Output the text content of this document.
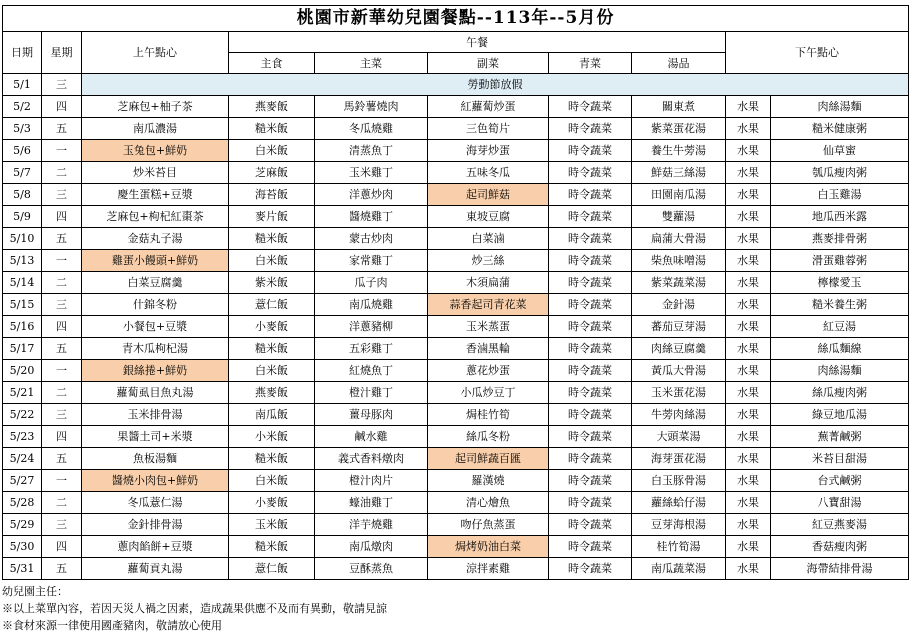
桃園市新華幼兒園餐點--113年--5月份									
日期	星期	上午點心	午餐					下午點心	
			主食	主菜	副菜	青菜	湯品		
5/1	三	勞動節放假							
5/2	四	芝麻包+柚子茶	燕麥飯	馬鈴薯燒肉	紅蘿蔔炒蛋	時令蔬菜	關東煮	水果	肉絲湯麵
5/3	五	南瓜濃湯	糙米飯	冬瓜燒雞	三色筍片	時令蔬菜	紫菜蛋花湯	水果	糙米健康粥
5/6	一	玉兔包+鮮奶	白米飯	清蒸魚丁	海芽炒蛋	時令蔬菜	養生牛蒡湯	水果	仙草蜜
5/7	二	炒米苔目	芝麻飯	玉米雞丁	五味冬瓜	時令蔬菜	鮮菇三絲湯	水果	瓠瓜瘦肉粥
5/8	三	慶生蛋糕+豆漿	海苔飯	洋蔥炒肉	起司鮮菇	時令蔬菜	田園南瓜湯	水果	白玉雞湯
5/9	四	芝麻包+枸杞紅棗茶	麥片飯	醬燒雞丁	東坡豆腐	時令蔬菜	雙蘿湯	水果	地瓜西米露
5/10	五	金菇丸子湯	糙米飯	蒙古炒肉	白菜滷	時令蔬菜	扁蒲大骨湯	水果	燕麥排骨粥
5/13	一	雞蛋小饅頭+鮮奶	白米飯	家常雞丁	炒三絲	時令蔬菜	柴魚味噌湯	水果	滑蛋雞蓉粥
5/14	二	白菜豆腐羹	紫米飯	瓜子肉	木須扁蒲	時令蔬菜	紫菜蔬菜湯	水果	檸檬愛玉
5/15	三	什錦冬粉	薏仁飯	南瓜燒雞	蒜香起司青花菜	時令蔬菜	金針湯	水果	糙米養生粥
5/16	四	小餐包+豆漿	小麥飯	洋蔥豬柳	玉米蒸蛋	時令蔬菜	蕃茄豆芽湯	水果	紅豆湯
5/17	五	青木瓜枸杞湯	糙米飯	五彩雞丁	香滷黑輪	時令蔬菜	肉絲豆腐羹	水果	絲瓜麵線
5/20	一	銀絲捲+鮮奶	白米飯	紅燒魚丁	蔥花炒蛋	時令蔬菜	黃瓜大骨湯	水果	肉絲湯麵
5/21	二	蘿蔔虱目魚丸湯	燕麥飯	橙汁雞丁	小瓜炒豆丁	時令蔬菜	玉米蛋花湯	水果	絲瓜瘦肉粥
5/22	三	玉米排骨湯	南瓜飯	薑母豚肉	焗桂竹筍	時令蔬菜	牛蒡肉絲湯	水果	綠豆地瓜湯
5/23	四	果醬土司+米漿	小米飯	鹹水雞	絲瓜冬粉	時令蔬菜	大頭菜湯	水果	蕪菁鹹粥
5/24	五	魚板湯麵	糙米飯	義式香料燉肉	起司鮮蔬百匯	時令蔬菜	海芽蛋花湯	水果	米苔目甜湯
5/27	一	醬燒小肉包+鮮奶	白米飯	橙汁肉片	羅漢燒	時令蔬菜	白玉豚骨湯	水果	台式鹹粥
5/28	二	冬瓜薏仁湯	小麥飯	蠔油雞丁	清心燴魚	時令蔬菜	蘿絲蛤仔湯	水果	八寶甜湯
5/29	三	金針排骨湯	玉米飯	洋芋燒雞	吻仔魚蒸蛋	時令蔬菜	豆芽海根湯	水果	紅豆燕麥湯
5/30	四	蔥肉餡餅+豆漿	糙米飯	南瓜燉肉	焗烤奶油白菜	時令蔬菜	桂竹筍湯	水果	香菇瘦肉粥
5/31	五	蘿蔔貢丸湯	薏仁飯	豆酥蒸魚	涼拌素雞	時令蔬菜	南瓜蔬菜湯	水果	海帶結排骨湯
幼兒園主任：
※以上菜單內容，若因天災人禍之因素，造成蔬果供應不及而有異動，敬請見諒
※食材來源一律使用國產豬肉，敬請放心使用
